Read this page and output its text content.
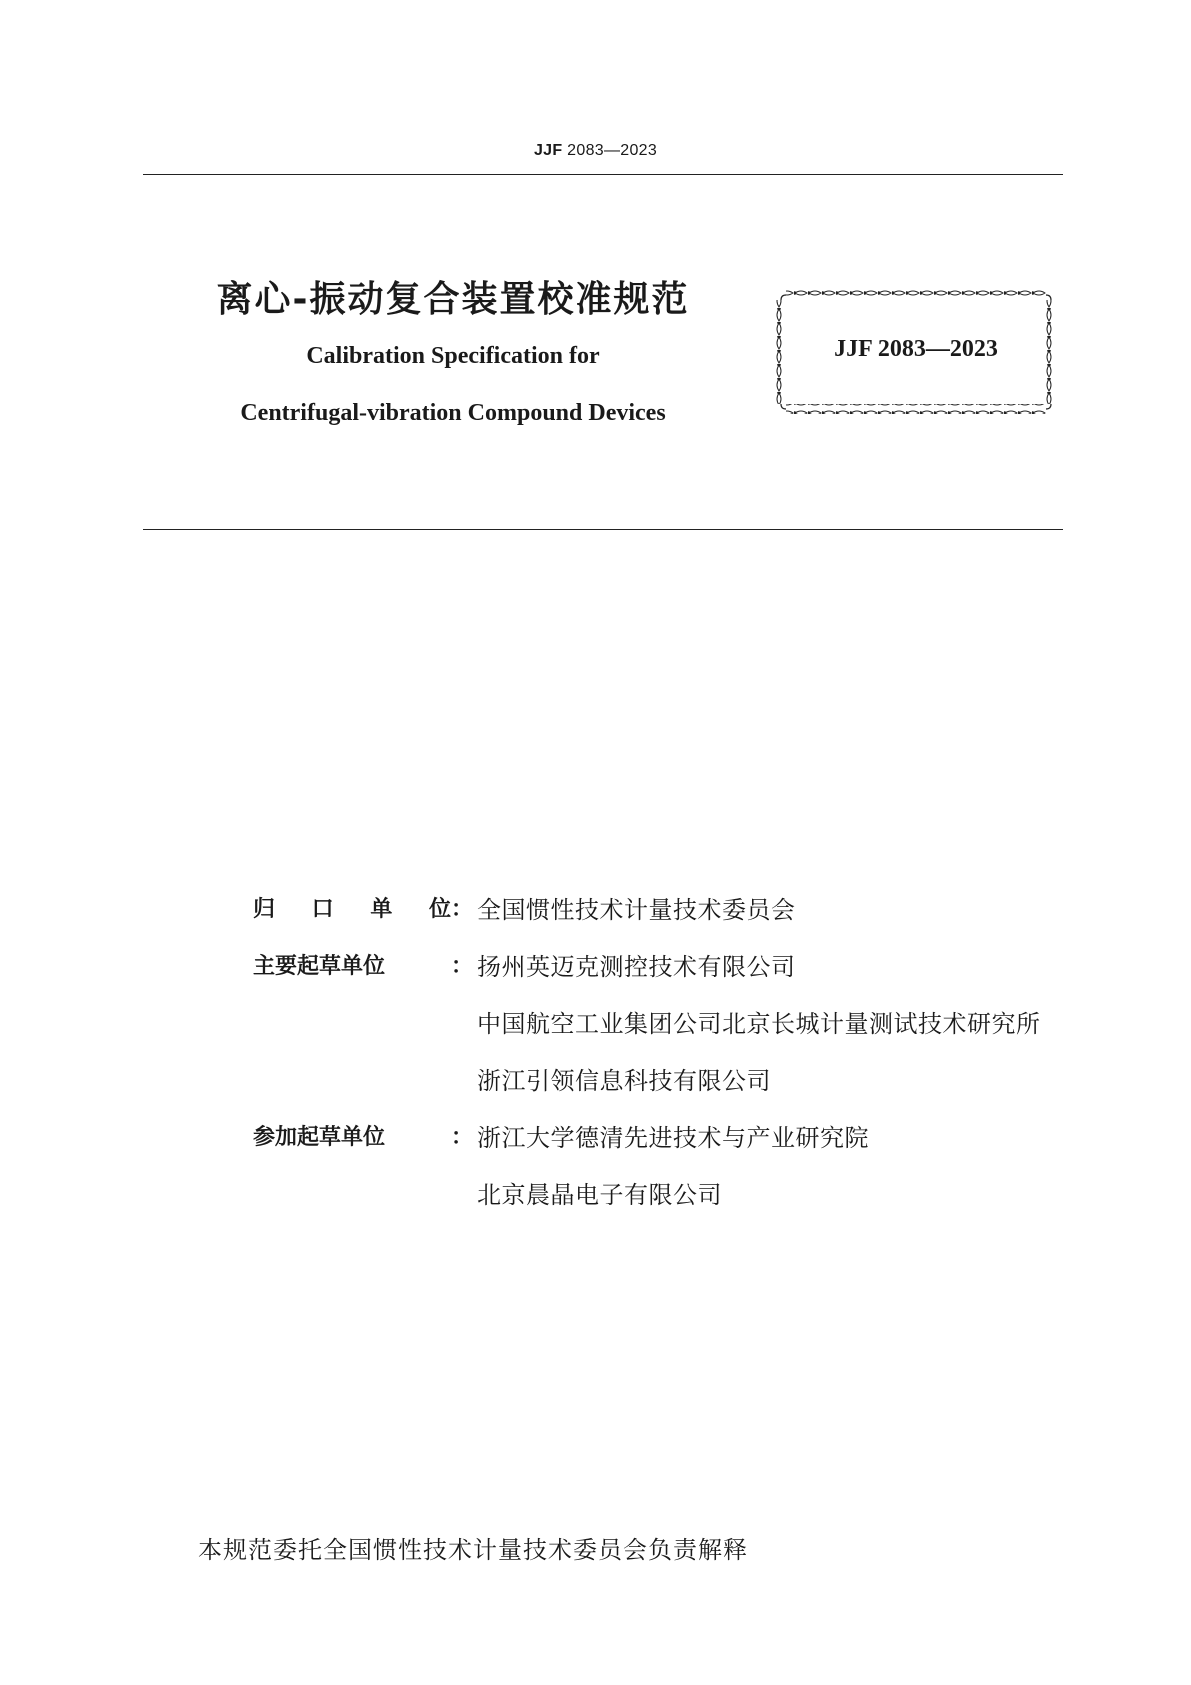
JJF 2083—2023
离心-振动复合装置校准规范
Calibration Specification for
Centrifugal-vibration Compound Devices
JJF 2083—2023
归 口 单 位 ： 全国惯性技术计量技术委员会
主要起草单位	： 扬州英迈克测控技术有限公司
中国航空工业集团公司北京长城计量测试技术研究所
浙江引领信息科技有限公司
参加起草单位	： 浙江大学德清先进技术与产业研究院
北京晨晶电子有限公司
本规范委托全国惯性技术计量技术委员会负责解释
